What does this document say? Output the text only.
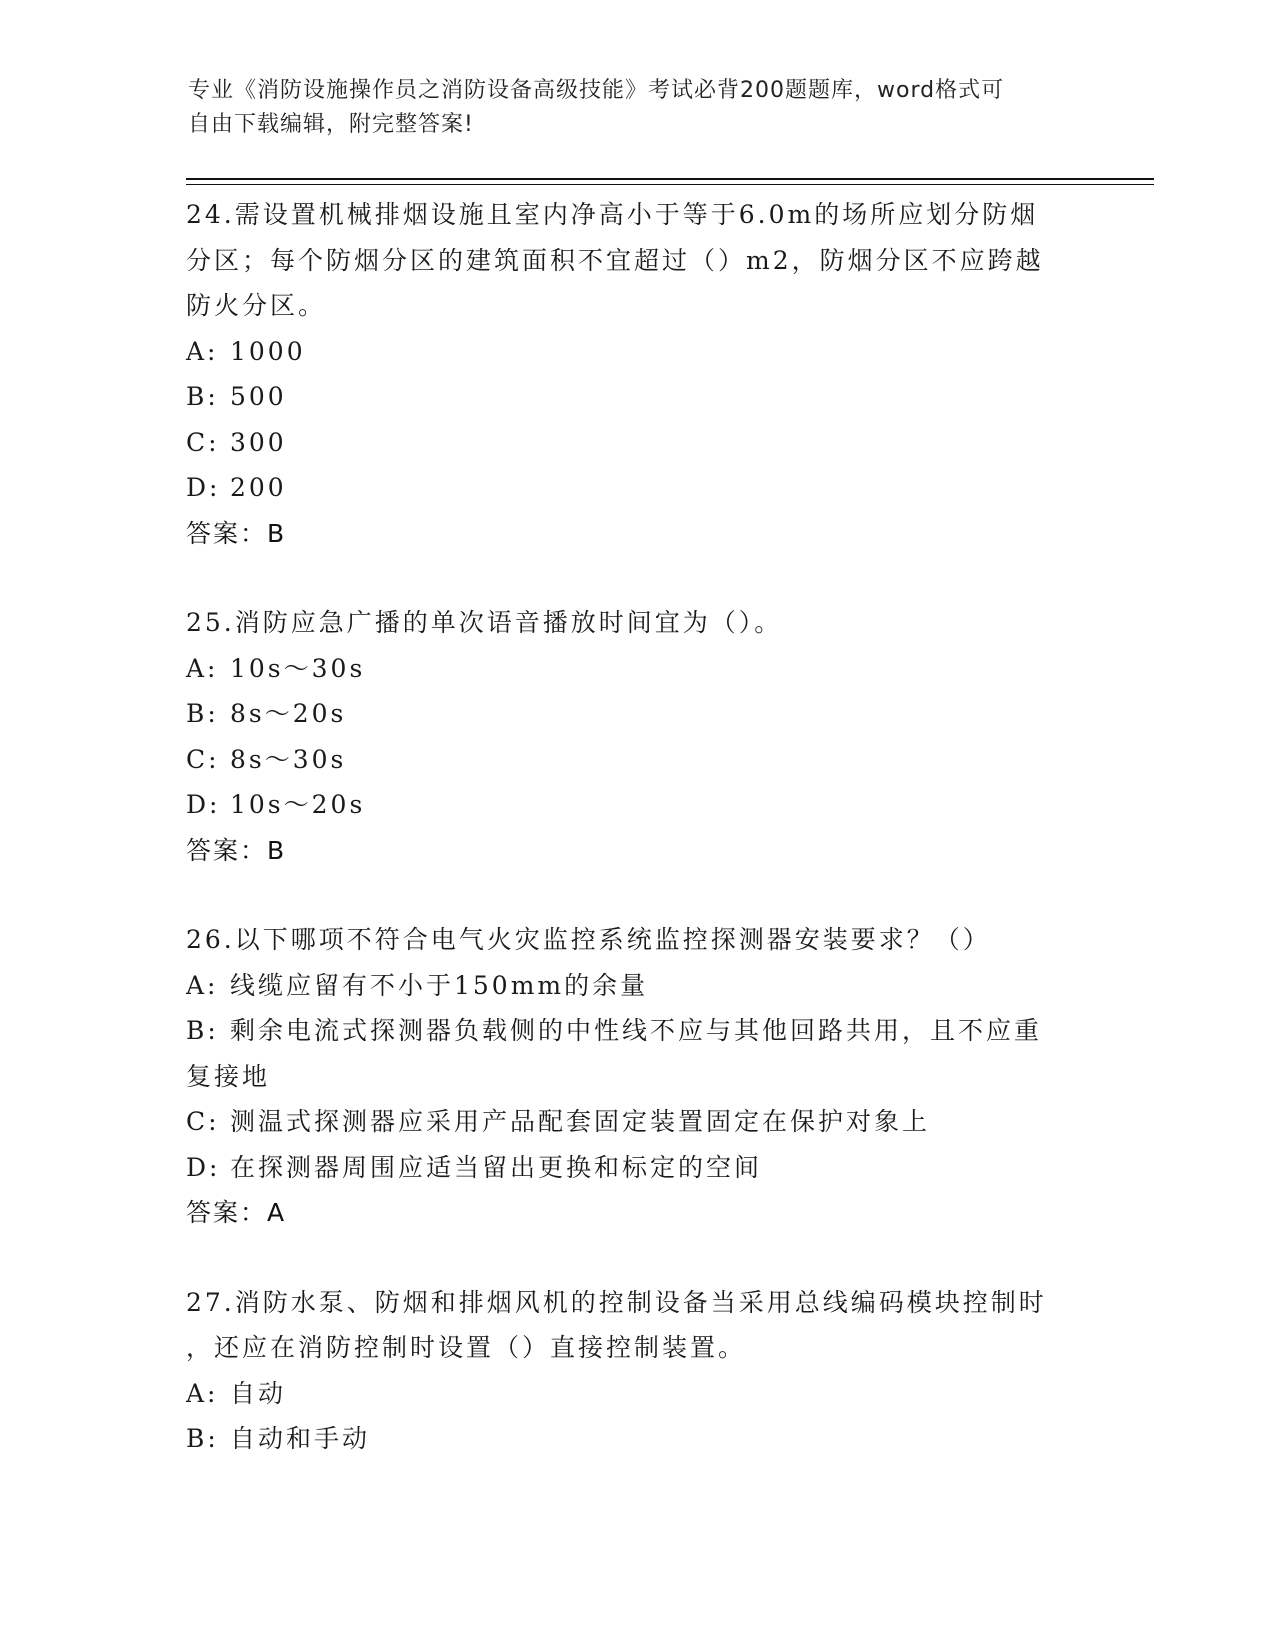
专业《消防设施操作员之消防设备高级技能》考试必背200题题库，word格式可
自由下载编辑，附完整答案!
24.需设置机械排烟设施且室内净高小于等于6.0m的场所应划分防烟
分区；每个防烟分区的建筑面积不宜超过（）m2，防烟分区不应跨越
防火分区。
A: 1000
B: 500
C: 300
D: 200
答案：B
25.消防应急广播的单次语音播放时间宜为（）。
A: 10s～30s
B: 8s～20s
C: 8s～30s
D: 10s～20s
答案：B
26.以下哪项不符合电气火灾监控系统监控探测器安装要求？（）
A: 线缆应留有不小于150mm的余量
B: 剩余电流式探测器负载侧的中性线不应与其他回路共用，且不应重
复接地
C: 测温式探测器应采用产品配套固定装置固定在保护对象上
D: 在探测器周围应适当留出更换和标定的空间
答案：A
27.消防水泵、防烟和排烟风机的控制设备当采用总线编码模块控制时
，还应在消防控制时设置（）直接控制装置。
A: 自动
B: 自动和手动
